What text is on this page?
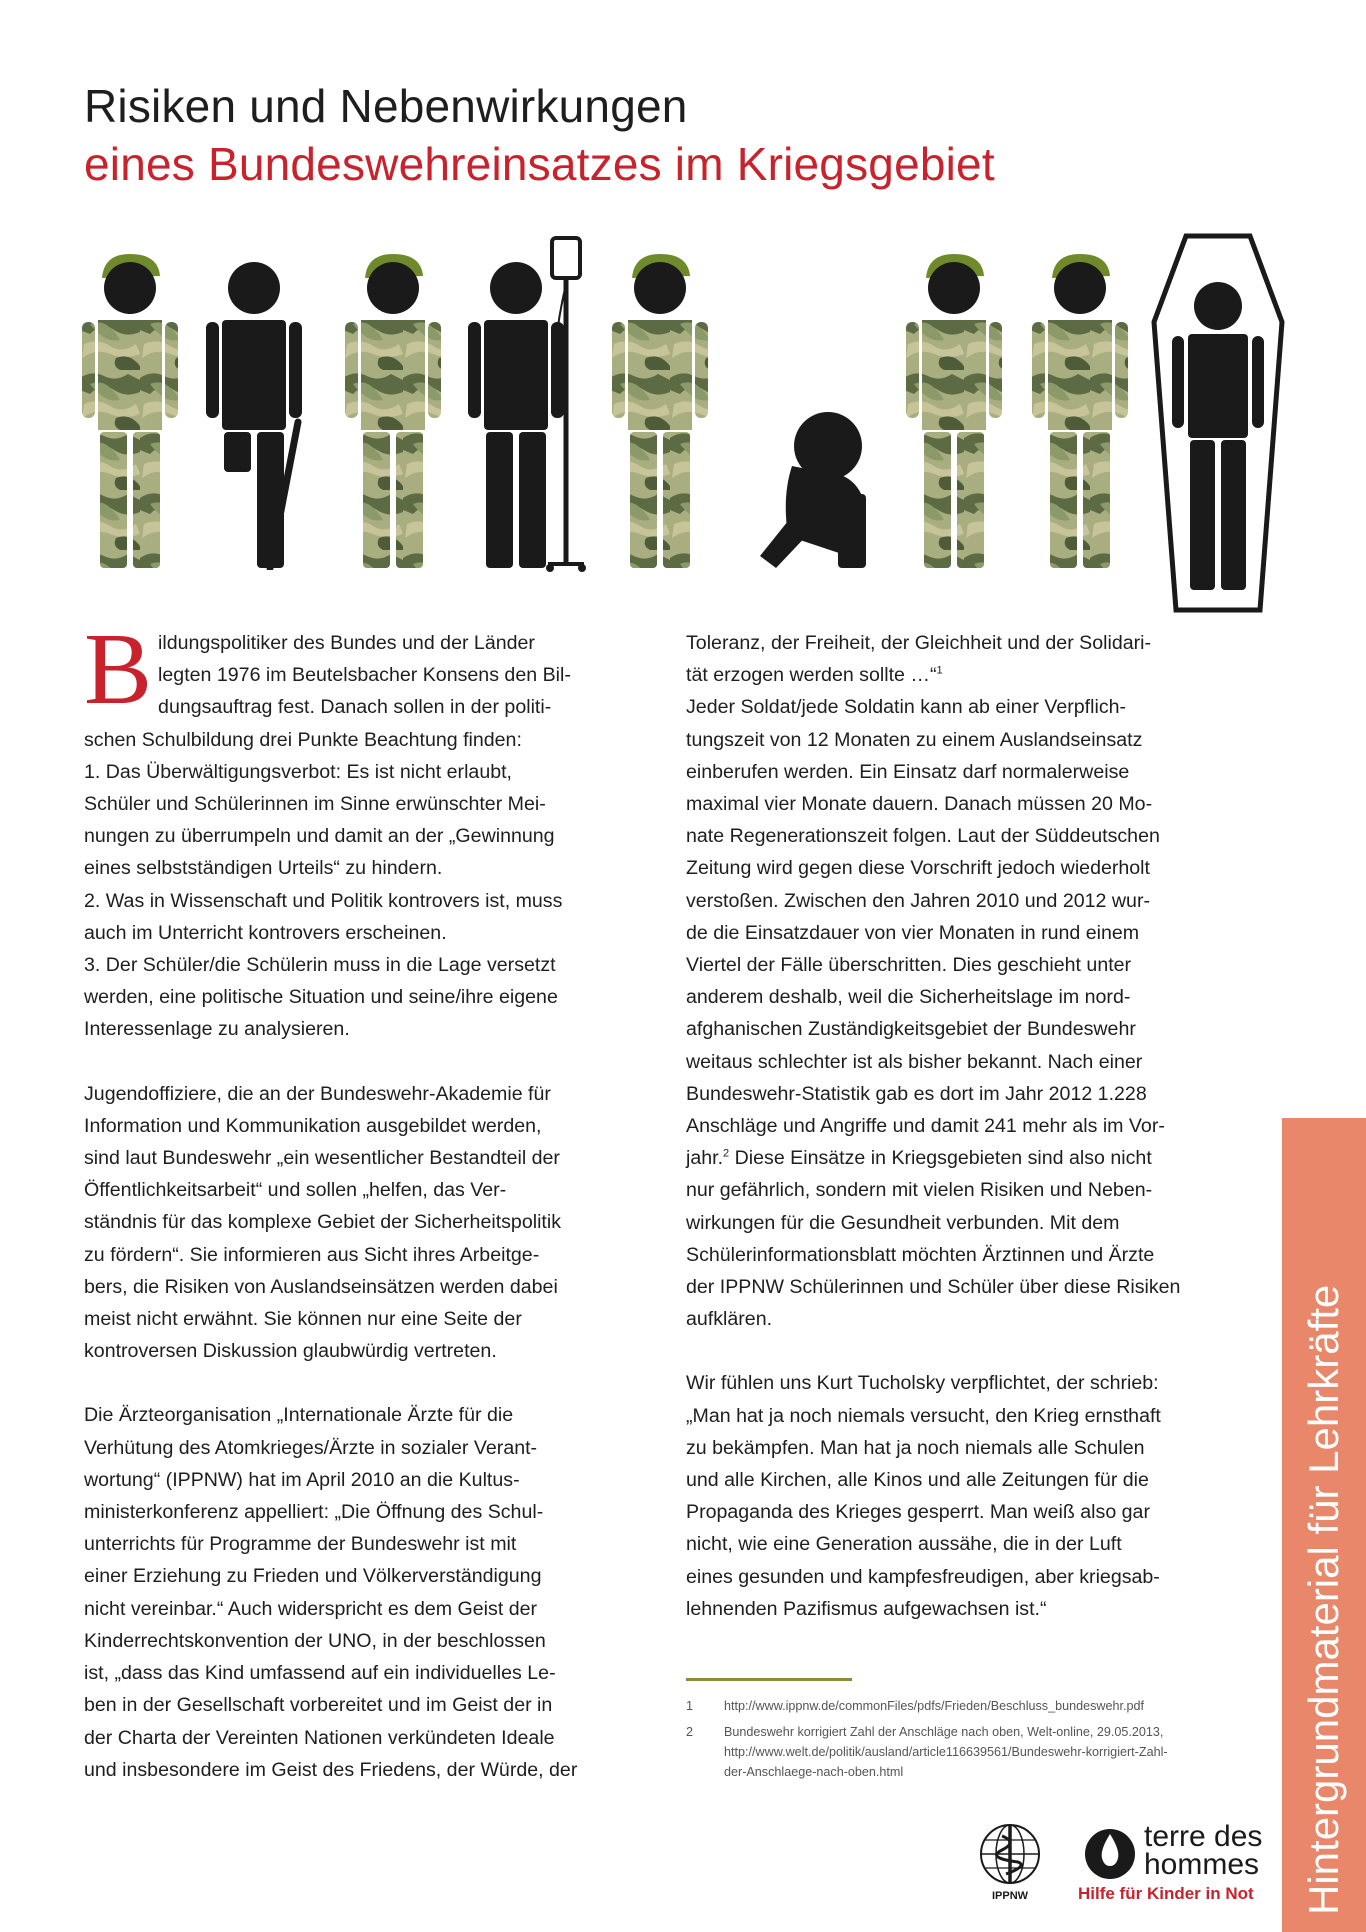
Risiken und Nebenwirkungen
eines Bundeswehreinsatzes im Kriegsgebiet
B ildungspolitiker des Bundes und der Länder
legten 1976 im Beutelsbacher Konsens den Bil-
dungsauftrag fest. Danach sollen in der politi-
schen Schulbildung drei Punkte Beachtung finden:
1. Das Überwältigungsverbot: Es ist nicht erlaubt,
Schüler und Schülerinnen im Sinne erwünschter Mei-
nungen zu überrumpeln und damit an der „Gewinnung
eines selbstständigen Urteils“ zu hindern.
2. Was in Wissenschaft und Politik kontrovers ist, muss
auch im Unterricht kontrovers erscheinen.
3. Der Schüler/die Schülerin muss in die Lage versetzt
werden, eine politische Situation und seine/ihre eigene
Interessenlage zu analysieren.
Jugendoffiziere, die an der Bundeswehr-Akademie für
Information und Kommunikation ausgebildet werden,
sind laut Bundeswehr „ein wesentlicher Bestandteil der
Öffentlichkeitsarbeit“ und sollen „helfen, das Ver-
ständnis für das komplexe Gebiet der Sicherheitspolitik
zu fördern“. Sie informieren aus Sicht ihres Arbeitge-
bers, die Risiken von Auslandseinsätzen werden dabei
meist nicht erwähnt. Sie können nur eine Seite der
kontroversen Diskussion glaubwürdig vertreten.
Die Ärzteorganisation „Internationale Ärzte für die
Verhütung des Atomkrieges/Ärzte in sozialer Verant-
wortung“ (IPPNW) hat im April 2010 an die Kultus-
ministerkonferenz appelliert: „Die Öffnung des Schul-
unterrichts für Programme der Bundeswehr ist mit
einer Erziehung zu Frieden und Völkerverständigung
nicht vereinbar.“ Auch widerspricht es dem Geist der
Kinderrechtskonvention der UNO, in der beschlossen
ist, „dass das Kind umfassend auf ein individuelles Le-
ben in der Gesellschaft vorbereitet und im Geist der in
der Charta der Vereinten Nationen verkündeten Ideale
und insbesondere im Geist des Friedens, der Würde, der
Toleranz, der Freiheit, der Gleichheit und der Solidari-
tät erzogen werden sollte …“$^1$
Jeder Soldat/jede Soldatin kann ab einer Verpflich-
tungszeit von 12 Monaten zu einem Auslandseinsatz
einberufen werden. Ein Einsatz darf normalerweise
maximal vier Monate dauern. Danach müssen 20 Mo-
nate Regenerationszeit folgen. Laut der Süddeutschen
Zeitung wird gegen diese Vorschrift jedoch wiederholt
verstoßen. Zwischen den Jahren 2010 und 2012 wur-
de die Einsatzdauer von vier Monaten in rund einem
Viertel der Fälle überschritten. Dies geschieht unter
anderem deshalb, weil die Sicherheitslage im nord-
afghanischen Zuständigkeitsgebiet der Bundeswehr
weitaus schlechter ist als bisher bekannt. Nach einer
Bundeswehr-Statistik gab es dort im Jahr 2012 1.228
Anschläge und Angriffe und damit 241 mehr als im Vor-
jahr.$^2$ Diese Einsätze in Kriegsgebieten sind also nicht
nur gefährlich, sondern mit vielen Risiken und Neben-
wirkungen für die Gesundheit verbunden. Mit dem
Schülerinformationsblatt möchten Ärztinnen und Ärzte
der IPPNW Schülerinnen und Schüler über diese Risiken
aufklären.
Wir fühlen uns Kurt Tucholsky verpflichtet, der schrieb:
„Man hat ja noch niemals versucht, den Krieg ernsthaft
zu bekämpfen. Man hat ja noch niemals alle Schulen
und alle Kirchen, alle Kinos und alle Zeitungen für die
Propaganda des Krieges gesperrt. Man weiß also gar
nicht, wie eine Generation aussähe, die in der Luft
eines gesunden und kampfesfreudigen, aber kriegsab-
lehnenden Pazifismus aufgewachsen ist.“
1	http://www.ippnw.de/commonFiles/pdfs/Frieden/Beschluss_bundeswehr.pdf
2	Bundeswehr korrigiert Zahl der Anschläge nach oben, Welt-online, 29.05.2013,
http://www.welt.de/politik/ausland/article116639561/Bundeswehr-korrigiert-Zahl-
der-Anschlaege-nach-oben.html	Hintergrundmaterial für Lehrkräfte
IPPNW
terre des
hommes
Hilfe für Kinder in Not
